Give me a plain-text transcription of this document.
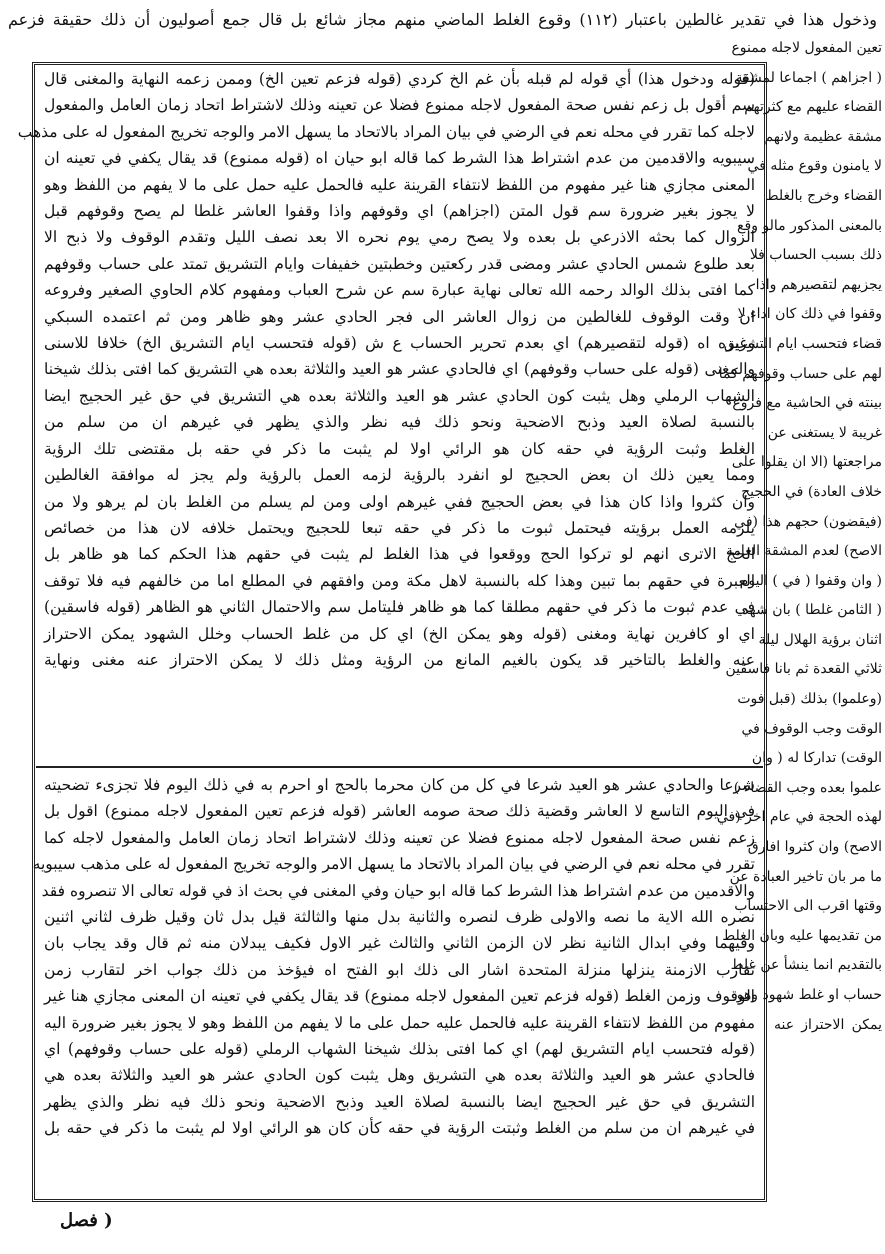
وذخول هذا في تقدير غالطين باعتبار (١١٢) وقوع الغلط الماضي منهم مجاز شائع بل قال جمع أصوليون أن ذلك حقيقة فزعم

(قوله ودخول هذا) أي قوله لم قبله بأن غم الخ كردي (قوله فزعم تعين الخ) وممن زعمه النهاية والمغنى قال

سم أقول بل زعم نفس صحة المفعول لاجله ممنوع فضلا عن تعينه وذلك لاشتراط اتحاد زمان العامل والمفعول

لاجله كما تقرر في محله نعم في الرضي في بيان المراد بالاتحاد ما يسهل الامر والوجه تخريج المفعول له على مذهب

سيبويه والاقدمين من عدم اشتراط هذا الشرط كما قاله ابو حيان اه (قوله ممنوع) قد يقال يكفي في تعينه ان

المعنى مجازي هنا غير مفهوم من اللفظ لانتفاء القرينة عليه فالحمل عليه حمل على ما لا يفهم من اللفظ وهو

لا يجوز بغير ضرورة سم قول المتن (اجزاهم) اي وقوفهم واذا وقفوا العاشر غلطا لم يصح وقوفهم قبل

الزوال كما بحثه الاذرعي بل بعده ولا يصح رمي يوم نحره الا بعد نصف الليل وتقدم الوقوف ولا ذبح الا

بعد طلوع شمس الحادي عشر ومضى قدر ركعتين وخطبتين خفيفات وايام التشريق تمتد على حساب وقوفهم

كما افتى بذلك الوالد رحمه الله تعالى نهاية عبارة سم عن شرح العباب ومفهوم كلام الحاوي الصغير وفروعه

ان وقت الوقوف للغالطين من زوال العاشر الى فجر الحادي عشر وهو ظاهر ومن ثم اعتمده السبكي

وغيره اه (قوله لتقصيرهم) اي بعدم تحرير الحساب ع ش (قوله فتحسب ايام التشريق الخ) خلافا للاسنى

والمغنى (قوله على حساب وقوفهم) اي فالحادي عشر هو العيد والثلاثة بعده هي التشريق كما افتى بذلك شيخنا

الشهاب الرملي وهل يثبت كون الحادي عشر هو العيد والثلاثة بعده هي التشريق في حق غير الحجيج ايضا

بالنسبة لصلاة العيد وذبح الاضحية ونحو ذلك فيه نظر والذي يظهر في غيرهم ان من سلم من

الغلط وثبت الرؤية في حقه كان هو الرائي اولا لم يثبت ما ذكر في حقه بل مقتضى تلك الرؤية

ومما يعين ذلك ان بعض الحجيج لو انفرد بالرؤية لزمه العمل بالرؤية ولم يجز له موافقة الغالطين

وان كثروا واذا كان هذا في بعض الحجيج ففي غيرهم اولى ومن لم يسلم من الغلط بان لم يرهو ولا من

يلزمه العمل برؤيته فيحتمل ثبوت ما ذكر في حقه تبعا للحجيج ويحتمل خلافه لان هذا من خصائص

الحج الاترى انهم لو تركوا الحج ووقعوا في هذا الغلط لم يثبت في حقهم هذا الحكم كما هو ظاهر بل

العبرة في حقهم بما تبين وهذا كله بالنسبة لاهل مكة ومن وافقهم في المطلع اما من خالفهم فيه فلا توقف

في عدم ثبوت ما ذكر في حقهم مطلقا كما هو ظاهر فليتامل سم والاحتمال الثاني هو الظاهر (قوله فاسقين)

اي او كافرين نهاية ومغنى (قوله وهو يمكن الخ) اي كل من غلط الحساب وخلل الشهود يمكن الاحتراز

عنه والغلط بالتاخير قد يكون بالغيم المانع من الرؤية ومثل ذلك لا يمكن الاحتراز عنه مغنى ونهاية

شرعا والحادي عشر هو العيد شرعا في كل من كان محرما بالحج او احرم به في ذلك اليوم فلا تجزىء تضحيته

في اليوم التاسع لا العاشر وقضية ذلك صحة صومه العاشر (قوله فزعم تعين المفعول لاجله ممنوع) اقول بل

زعم نفس صحة المفعول لاجله ممنوع فضلا عن تعينه وذلك لاشتراط اتحاد زمان العامل والمفعول لاجله كما

تقرر في محله نعم في الرضي في بيان المراد بالاتحاد ما يسهل الامر والوجه تخريج المفعول له على مذهب سيبويه

والاقدمين من عدم اشتراط هذا الشرط كما قاله ابو حيان وفي المغنى في بحث اذ في قوله تعالى الا تنصروه فقد

نصره الله الاية ما نصه والاولى ظرف لنصره والثانية بدل منها والثالثة قيل بدل ثان وقيل ظرف لثاني اثنين

وفيهما وفي ابدال الثانية نظر لان الزمن الثاني والثالث غير الاول فكيف يبدلان منه ثم قال وقد يجاب بان

تقارب الازمنة ينزلها منزلة المتحدة اشار الى ذلك ابو الفتح اه فيؤخذ من ذلك جواب اخر لتقارب زمن

الوقوف وزمن الغلط (قوله فزعم تعين المفعول لاجله ممنوع) قد يقال يكفي في تعينه ان المعنى مجازي هنا غير

مفهوم من اللفظ لانتفاء القرينة عليه فالحمل عليه حمل على ما لا يفهم من اللفظ وهو لا يجوز بغير ضرورة اليه

(قوله فتحسب ايام التشريق لهم) اي كما افتى بذلك شيخنا الشهاب الرملي (قوله على حساب وقوفهم) اي

فالحادي عشر هو العيد والثلاثة بعده هي التشريق وهل يثبت كون الحادي عشر هو العيد والثلاثة بعده هي

التشريق في حق غير الحجيج ايضا بالنسبة لصلاة العيد وذبح الاضحية ونحو ذلك فيه نظر والذي يظهر

في غيرهم ان من سلم من الغلط وثبتت الرؤية في حقه كأن كان هو الرائي اولا لم يثبت ما ذكر في حقه بل

تعين المفعول لاجله ممنوع

( اجزاهم ) اجماعا لمشقة

القضاء عليهم مع كثرتهم

مشقة عظيمة ولانهم

لا يامنون وقوع مثله في

القضاء وخرج بالغلط

بالمعنى المذكور مالو وقع

ذلك بسبب الحساب فلا

يجزيهم لتقصيرهم واذا

وقفوا في ذلك كان اداء لا

قضاء فتحسب ايام التشريق

لهم على حساب وقوفهم كما

بينته في الحاشية مع فروع

غريبة لا يستغنى عن

مراجعتها (الا ان يقلوا على

خلاف العادة) في الحجيج

(فيقضون) حجهم هذا (في

الاصح) لعدم المشقة العامة

( وان وقفوا ( في ) اليوم

( الثامن غلطا ) بان شهد

اثنان برؤية الهلال ليلة

ثلاثي القعدة ثم بانا فاسقين

(وعلموا) بذلك (قبل فوت

الوقت وجب الوقوف في

الوقت) تداركا له ( وان

علموا بعده وجب القضاء )

لهذه الحجة في عام اخر (في

الاصح) وان كثروا افارق

ما مر بان تاخير العبادة عن

وقتها اقرب الى الاحتساب

من تقديمها عليه وبان الغلط

بالتقديم انما ينشأ عن غلط

حساب او غلط شهود وهو

يمكن الاحتراز عنه

( فصل
